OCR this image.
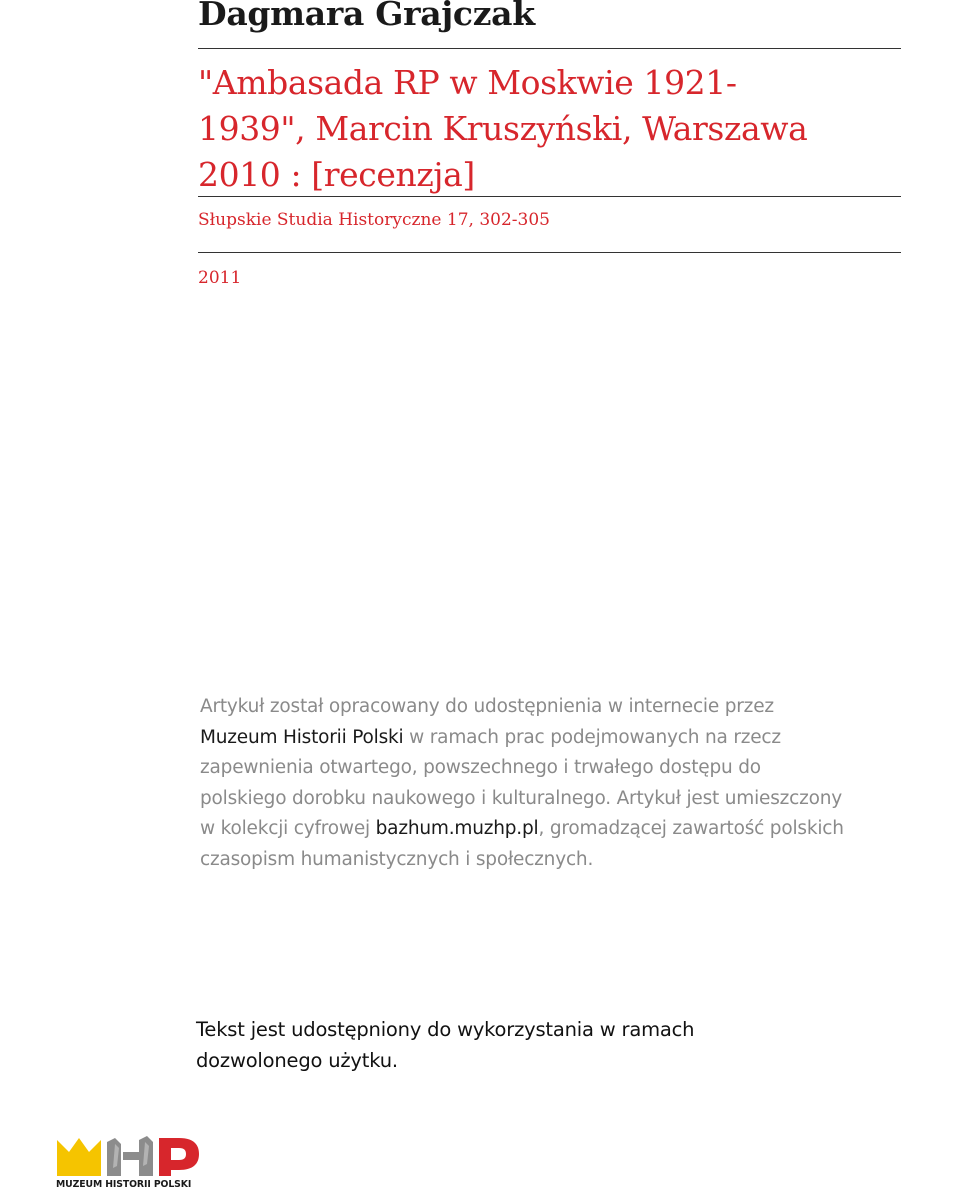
Dagmara Grajczak
"Ambasada RP w Moskwie 1921-
1939", Marcin Kruszyński, Warszawa
2010 : [recenzja]
Słupskie Studia Historyczne 17, 302-305
2011
Artykuł został opracowany do udostępnienia w internecie przez
Muzeum Historii Polski w ramach prac podejmowanych na rzecz
zapewnienia otwartego, powszechnego i trwałego dostępu do
polskiego dorobku naukowego i kulturalnego. Artykuł jest umieszczony
w kolekcji cyfrowej bazhum.muzhp.pl, gromadzącej zawartość polskich
czasopism humanistycznych i społecznych.
Tekst jest udostępniony do wykorzystania w ramach
dozwolonego użytku.
MUZEUM HISTORII POLSKI
